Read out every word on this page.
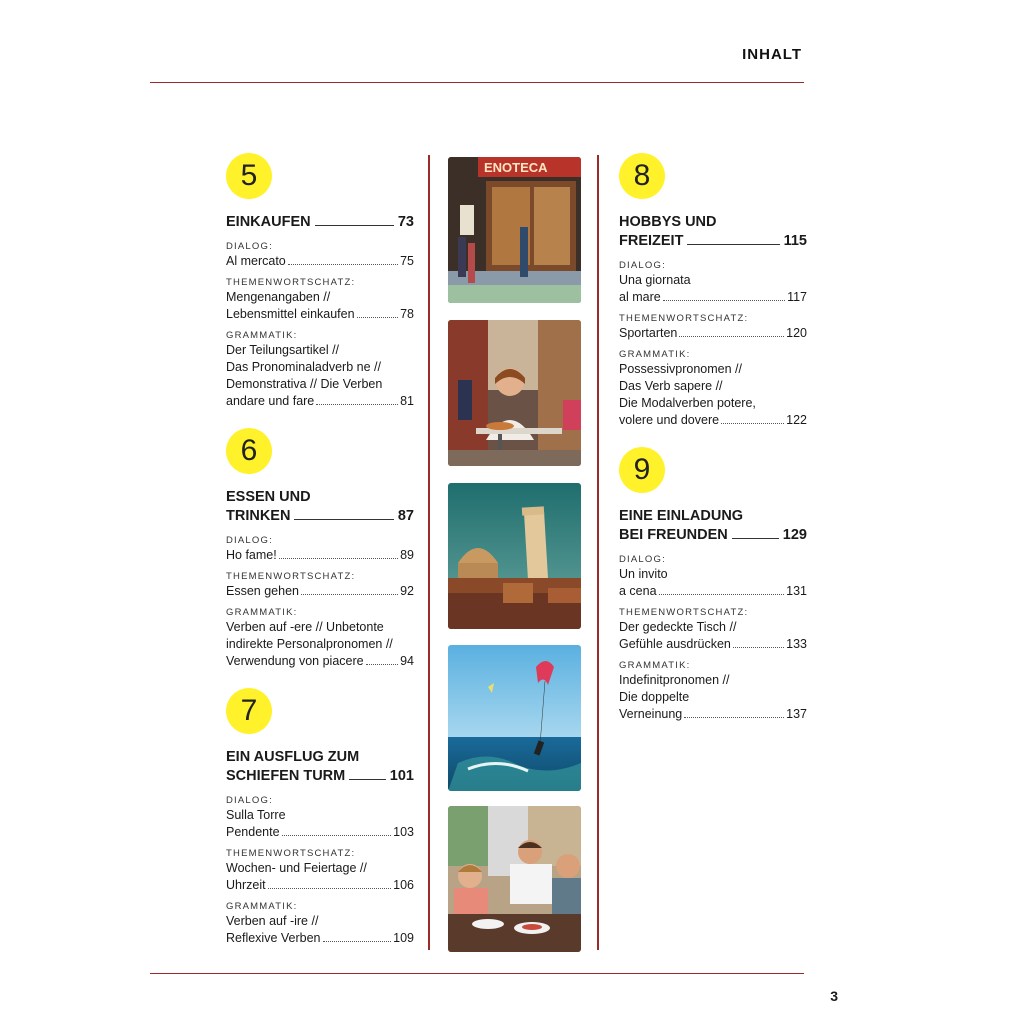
INHALT
3
5
EINKAUFEN	73
DIALOG:
Al mercato	75
THEMENWORTSCHATZ:
Mengenangaben //
Lebensmittel einkaufen	78
GRAMMATIK:
Der Teilungsartikel //
Das Pronominaladverb ne //
Demonstrativa // Die Verben
andare und fare	81
6
ESSEN UND
TRINKEN	87
DIALOG:
Ho fame!	89
THEMENWORTSCHATZ:
Essen gehen	92
GRAMMATIK:
Verben auf -ere // Unbetonte
indirekte Personalpronomen //
Verwendung von piacere	94
7
EIN AUSFLUG ZUM
SCHIEFEN TURM	101
DIALOG:
Sulla Torre
Pendente	103
THEMENWORTSCHATZ:
Wochen- und Feiertage //
Uhrzeit	106
GRAMMATIK:
Verben auf -ire //
Reflexive Verben	109
8
HOBBYS UND
FREIZEIT	115
DIALOG:
Una giornata
al mare	117
THEMENWORTSCHATZ:
Sportarten	120
GRAMMATIK:
Possessivpronomen //
Das Verb sapere //
Die Modalverben potere,
volere und dovere	122
9
EINE EINLADUNG
BEI FREUNDEN	129
DIALOG:
Un invito
a cena	131
THEMENWORTSCHATZ:
Der gedeckte Tisch //
Gefühle ausdrücken	133
GRAMMATIK:
Indefinitpronomen //
Die doppelte
Verneinung	137
ENOTECA
